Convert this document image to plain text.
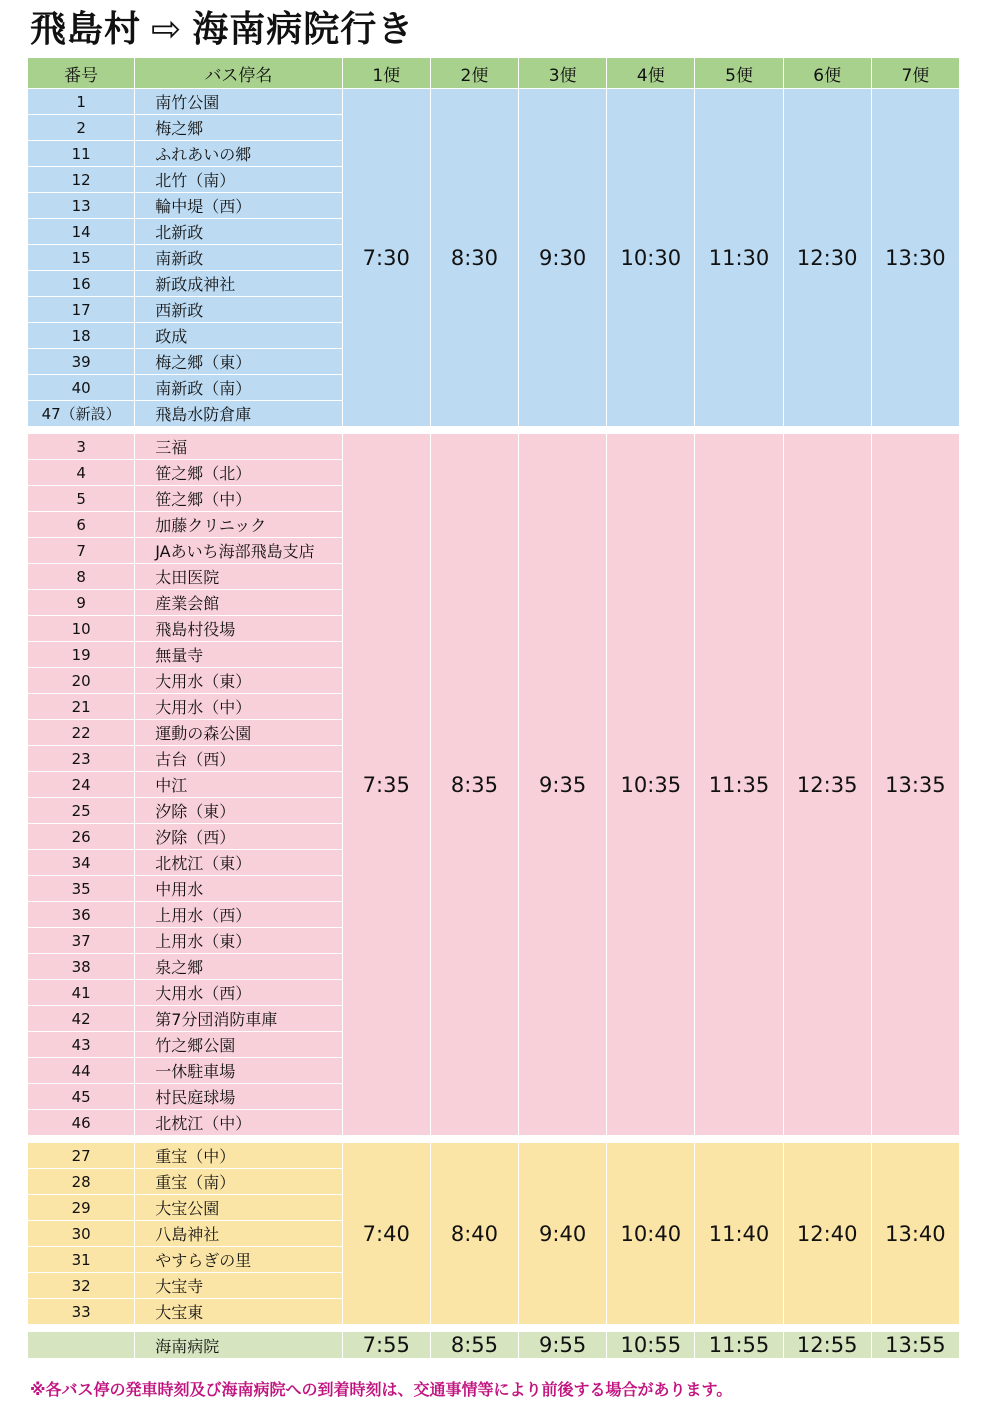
飛島村 ⇨ 海南病院行き
番号	バス停名	1便	2便	3便	4便	5便	6便	7便
1	南竹公園	7:30	8:30	9:30	10:30	11:30	12:30	13:30
2	梅之郷							
11	ふれあいの郷							
12	北竹（南）							
13	輪中堤（西）							
14	北新政							
15	南新政							
16	新政成神社							
17	西新政							
18	政成							
39	梅之郷（東）							
40	南新政（南）							
47（新設）	飛島水防倉庫							

3	三福	7:35	8:35	9:35	10:35	11:35	12:35	13:35
4	笹之郷（北）							
5	笹之郷（中）							
6	加藤クリニック							
7	JAあいち海部飛島支店							
8	太田医院							
9	産業会館							
10	飛島村役場							
19	無量寺							
20	大用水（東）							
21	大用水（中）							
22	運動の森公園							
23	古台（西）							
24	中江							
25	汐除（東）							
26	汐除（西）							
34	北枕江（東）							
35	中用水							
36	上用水（西）							
37	上用水（東）							
38	泉之郷							
41	大用水（西）							
42	第7分団消防車庫							
43	竹之郷公園							
44	一休駐車場							
45	村民庭球場							
46	北枕江（中）							

27	重宝（中）	7:40	8:40	9:40	10:40	11:40	12:40	13:40
28	重宝（南）							
29	大宝公園							
30	八島神社							
31	やすらぎの里							
32	大宝寺							
33	大宝東							

	海南病院	7:55	8:55	9:55	10:55	11:55	12:55	13:55
※各バス停の発車時刻及び海南病院への到着時刻は、交通事情等により前後する場合があります。
